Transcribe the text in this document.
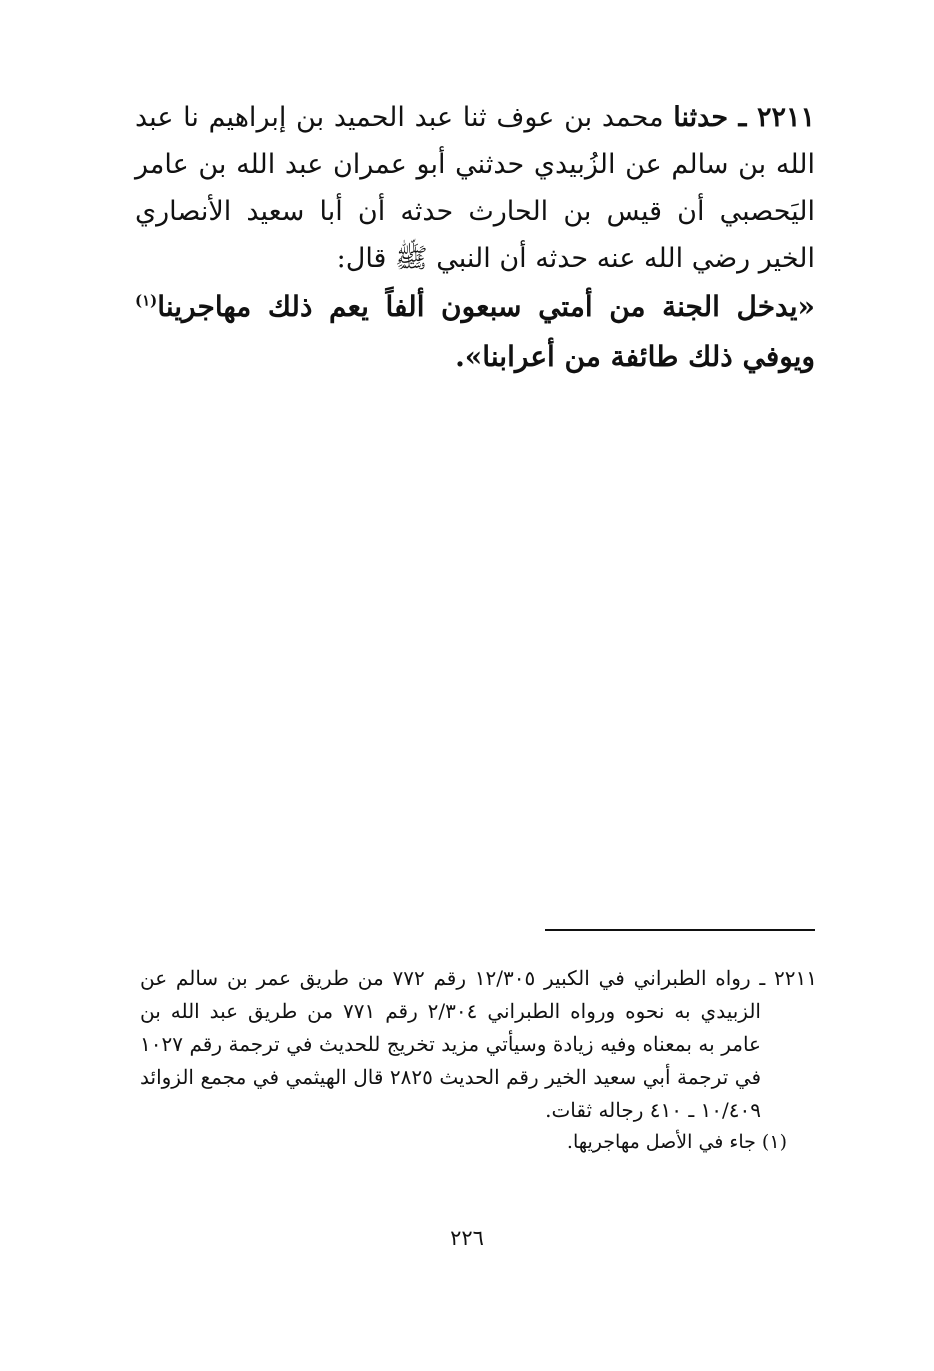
٢٢١١ ـ حدثنا محمد بن عوف ثنا عبد الحميد بن إبراهيم نا عبد الله بن سالم عن الزُبيدي حدثني أبو عمران عبد الله بن عامر اليَحصبي أن قيس بن الحارث حدثه أن أبا سعيد الأنصاري الخير رضي الله عنه حدثه أن النبي ﷺ قال:

«يدخل الجنة من أمتي سبعون ألفاً يعم ذلك مهاجرينا$^{(١)}$ ويوفي ذلك طائفة من أعرابنا».

٢٢١١ ـ رواه الطبراني في الكبير ١٢/٣٠٥ رقم ٧٧٢ من طريق عمر بن سالم عن الزبيدي به نحوه ورواه الطبراني ٢/٣٠٤ رقم ٧٧١ من طريق عبد الله بن عامر به بمعناه وفيه زيادة وسيأتي مزيد تخريج للحديث في ترجمة رقم ١٠٢٧ في ترجمة أبي سعيد الخير رقم الحديث ٢٨٢٥ قال الهيثمي في مجمع الزوائد ١٠/٤٠٩ ـ ٤١٠ رجاله ثقات.

(١) جاء في الأصل مهاجريها.

٢٢٦
